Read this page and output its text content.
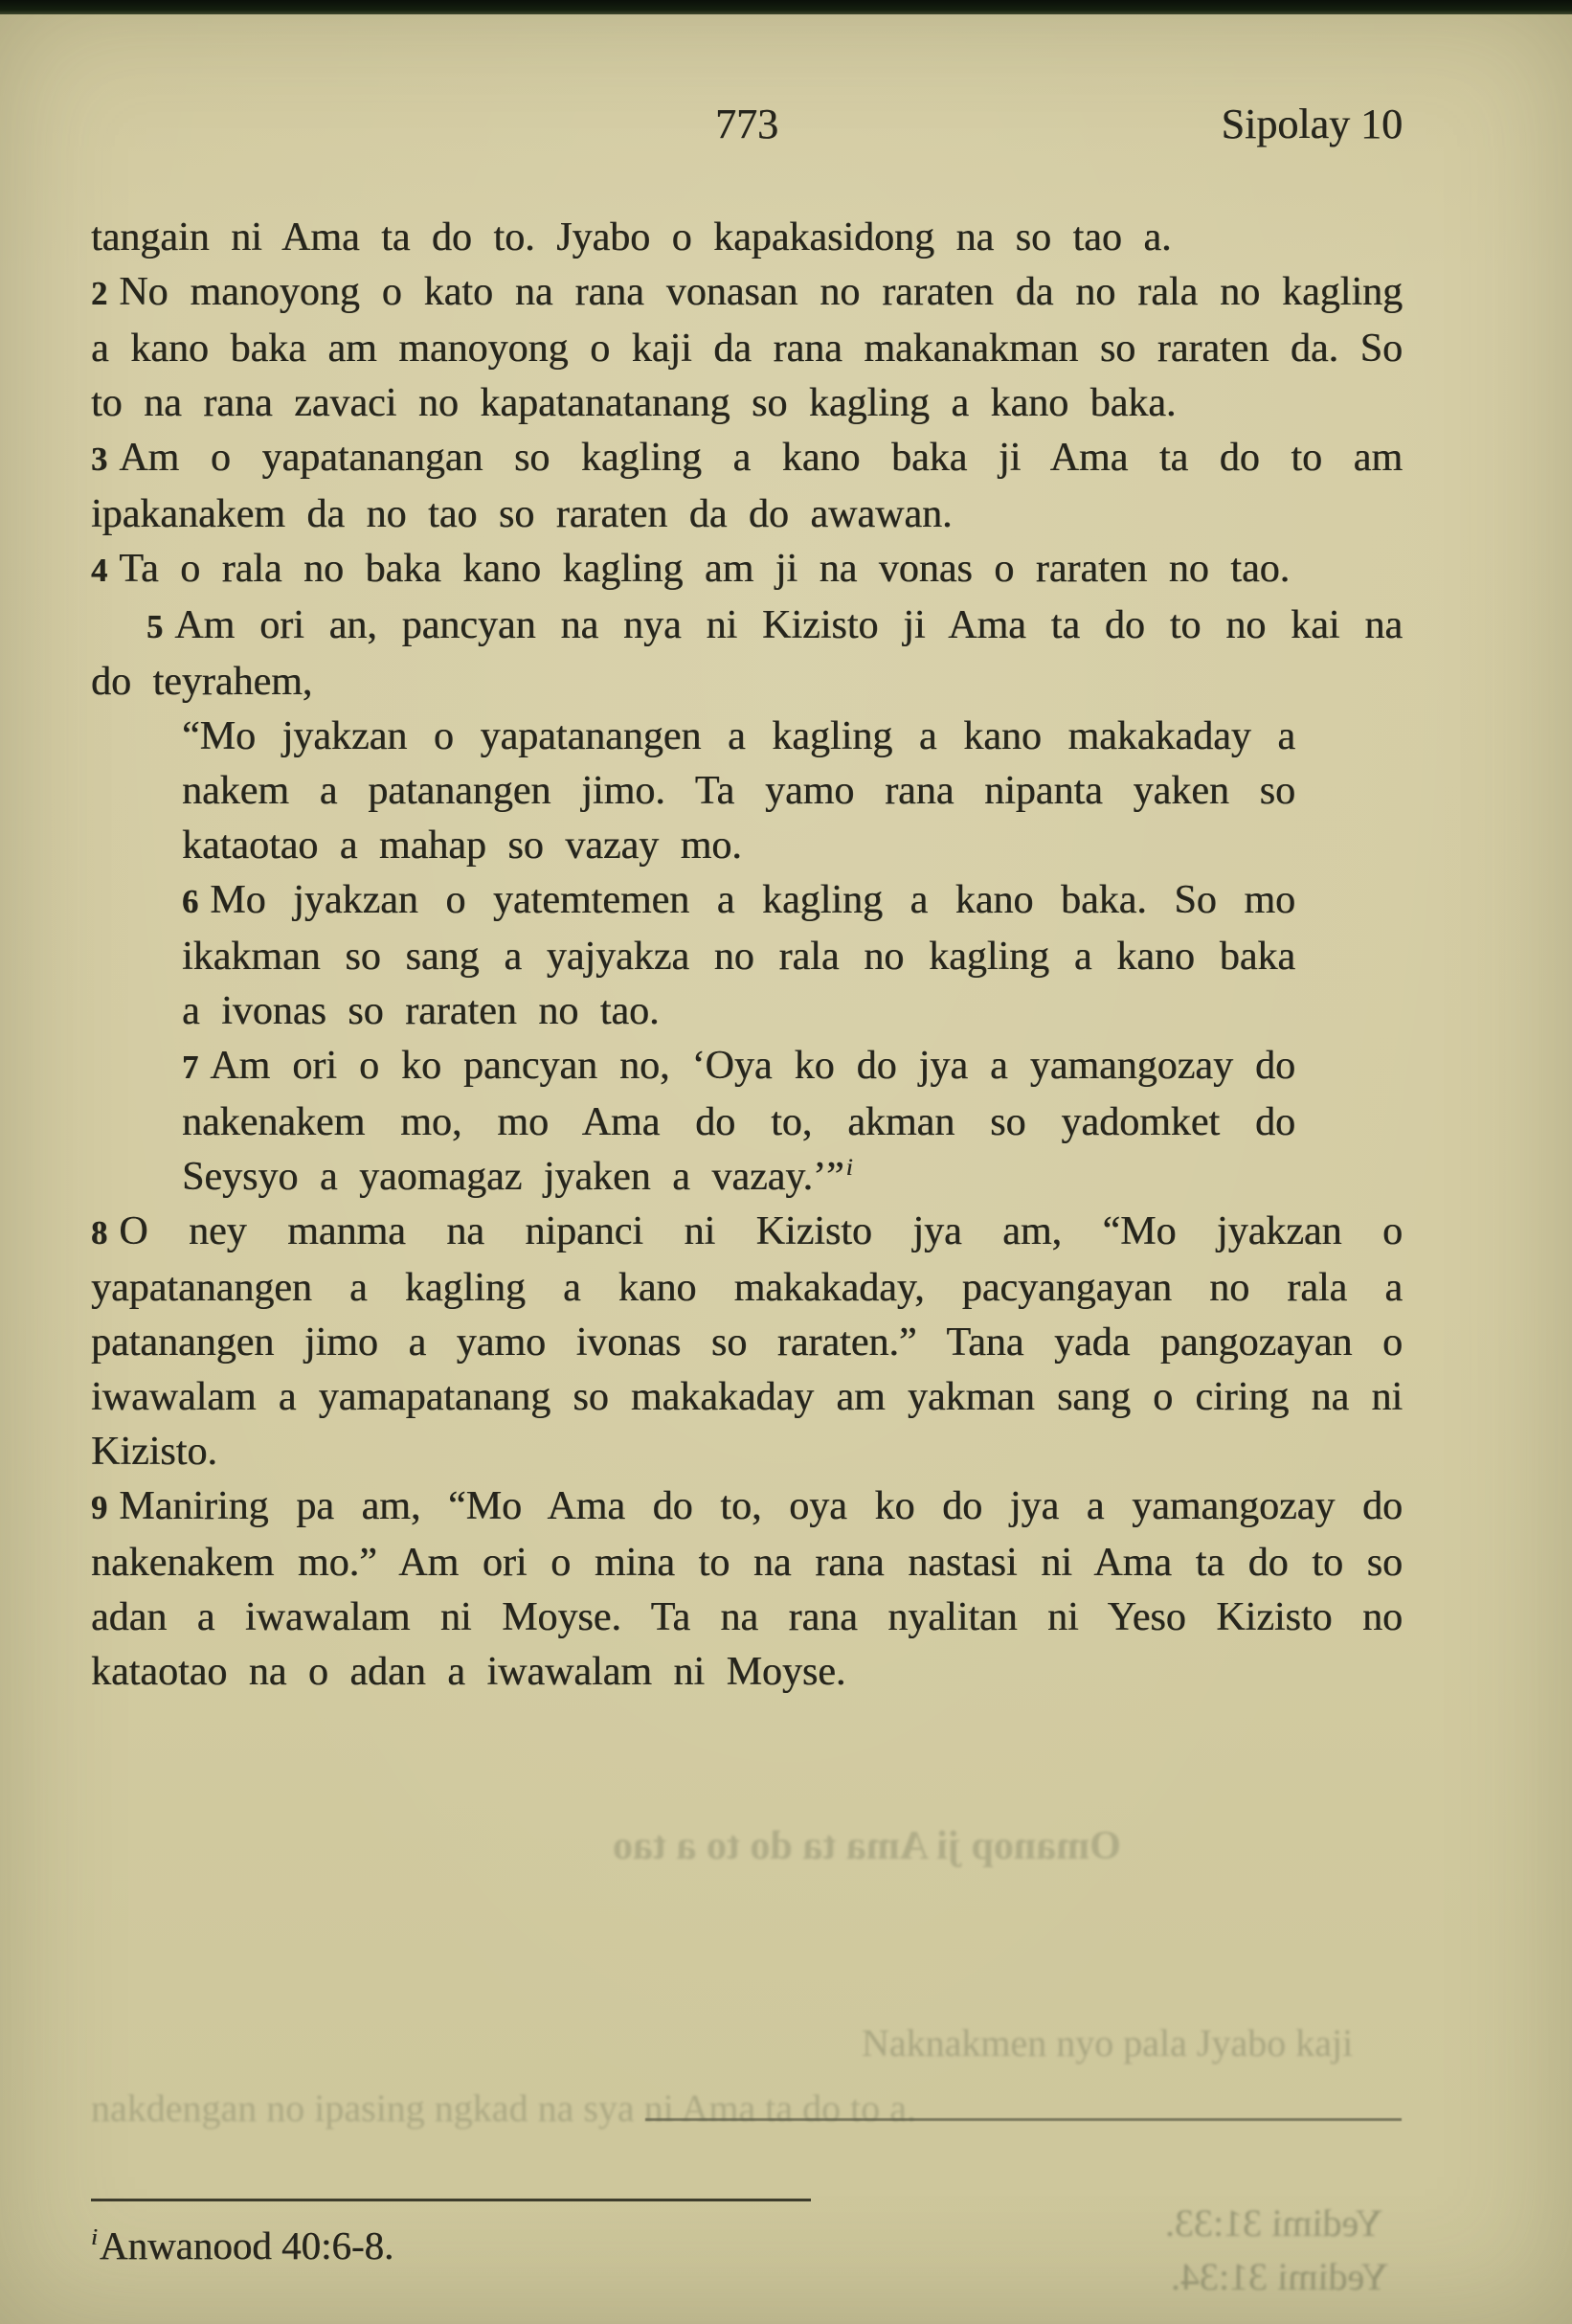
773	Sipolay 10

tangain ni Ama ta do to. Jyabo o kapakasidong na so tao a.

2 No manoyong o kato na rana vonasan no raraten da no rala no kagling a kano baka am manoyong o kaji da rana makanakman so raraten da. So to na rana zavaci no kapatanatanang so kagling a kano baka.

3 Am o yapatanangan so kagling a kano baka ji Ama ta do to am ipakanakem da no tao so raraten da do awawan.

4 Ta o rala no baka kano kagling am ji na vonas o raraten no tao.

5 Am ori an, pancyan na nya ni Kizisto ji Ama ta do to no kai na do teyrahem,

“Mo jyakzan o yapatanangen a kagling a kano makakaday a nakem a patanangen jimo. Ta yamo rana nipanta yaken so kataotao a mahap so vazay mo.

6 Mo jyakzan o yatemtemen a kagling a kano baka. So mo ikakman so sang a yajyakza no rala no kagling a kano baka a ivonas so raraten no tao.

7 Am ori o ko pancyan no, ‘Oya ko do jya a yamangozay do nakenakem mo, mo Ama do to, akman so yadomket do Seysyo a yaomagaz jyaken a vazay.’”$^i$

8 O ney manma na nipanci ni Kizisto jya am, “Mo jyakzan o yapatanangen a kagling a kano makakaday, pacyangayan no rala a patanangen jimo a yamo ivonas so raraten.” Tana yada pangozayan o iwawalam a yamapatanang so makakaday am yakman sang o ciring na ni Kizisto.

9 Maniring pa am, “Mo Ama do to, oya ko do jya a yamangozay do nakenakem mo.” Am ori o mina to na rana nastasi ni Ama ta do to so adan a iwawalam ni Moyse. Ta na rana nyalitan ni Yeso Kizisto no kataotao na o adan a iwawalam ni Moyse.

Omanop ji Ama ta do to a tao
Naknakmen nyo pala Jyabo kaji
nakdengan no ipasing ngkad na sya ni Ama ta do to a.
Yedimi 31:33.
Yedimi 31:34.
$^i$Anwanood 40:6-8.
